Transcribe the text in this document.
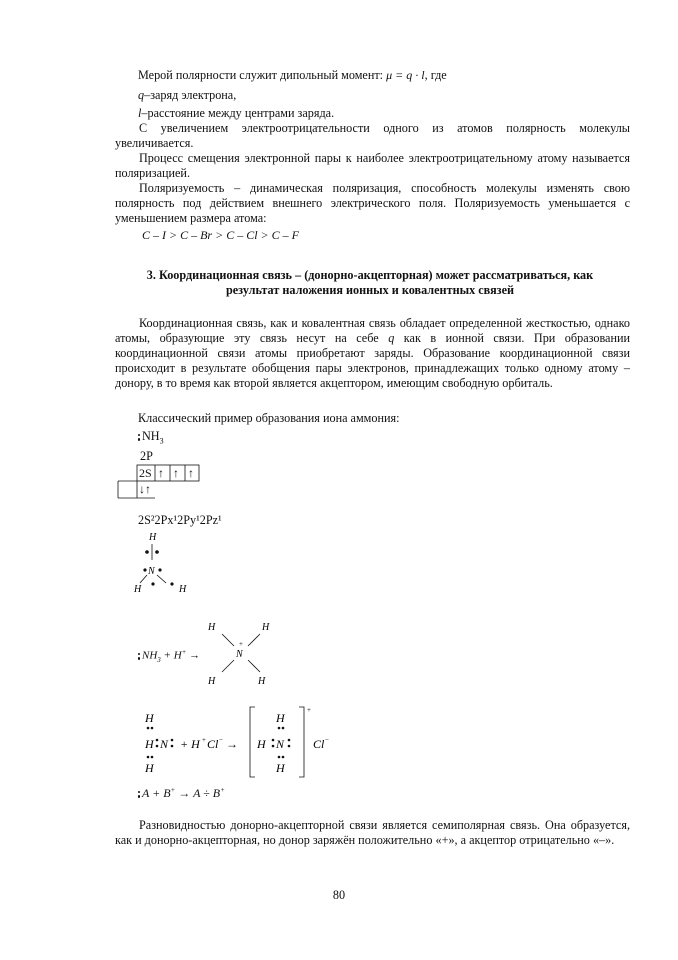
Мерой полярности служит дипольный момент: μ = q · l, где

q–заряд электрона,

l–расстояние между центрами заряда.

С увеличением электроотрицательности одного из атомов полярность молекулы увеличивается.

Процесс смещения электронной пары к наиболее электроотрицательному атому называется поляризацией.

Поляризуемость – динамическая поляризация, способность молекулы изменять свою полярность под действием внешнего электрического поля. Поляризуемость уменьшается с уменьшением размера атома:

C – I > C – Br > C – Cl > C – F

3. Координационная связь – (донорно-акцепторная) может рассматриваться, как

результат наложения ионных и ковалентных связей

Координационная связь, как и ковалентная связь обладает определенной жесткостью, однако атомы, образующие эту связь несут на себе q как в ионной связи. При образовании координационной связи атомы приобретают заряды. Образование координационной связи происходит в результате обобщения пары электронов, принадлежащих только одному атому – донору, в то время как второй является акцептором, имеющим свободную орбиталь.

Классический пример образования иона аммония:

$NH_3$

2P

2S ↑ ↑ ↑
↓↑

2S²2Px¹2Py¹2Pz¹

H
N
H	H

$NH_3 + H^+$ →

H	H
N
+
H	H
H
H N
H
+ H + Cl − →
+
H
H N
H
Cl −

A + B+ → A ÷ B+

Разновидностью донорно-акцепторной связи является семиполярная связь. Она образуется, как и донорно-акцепторная, но донор заряжён положительно «+», а акцептор отрицательно «–».

80
